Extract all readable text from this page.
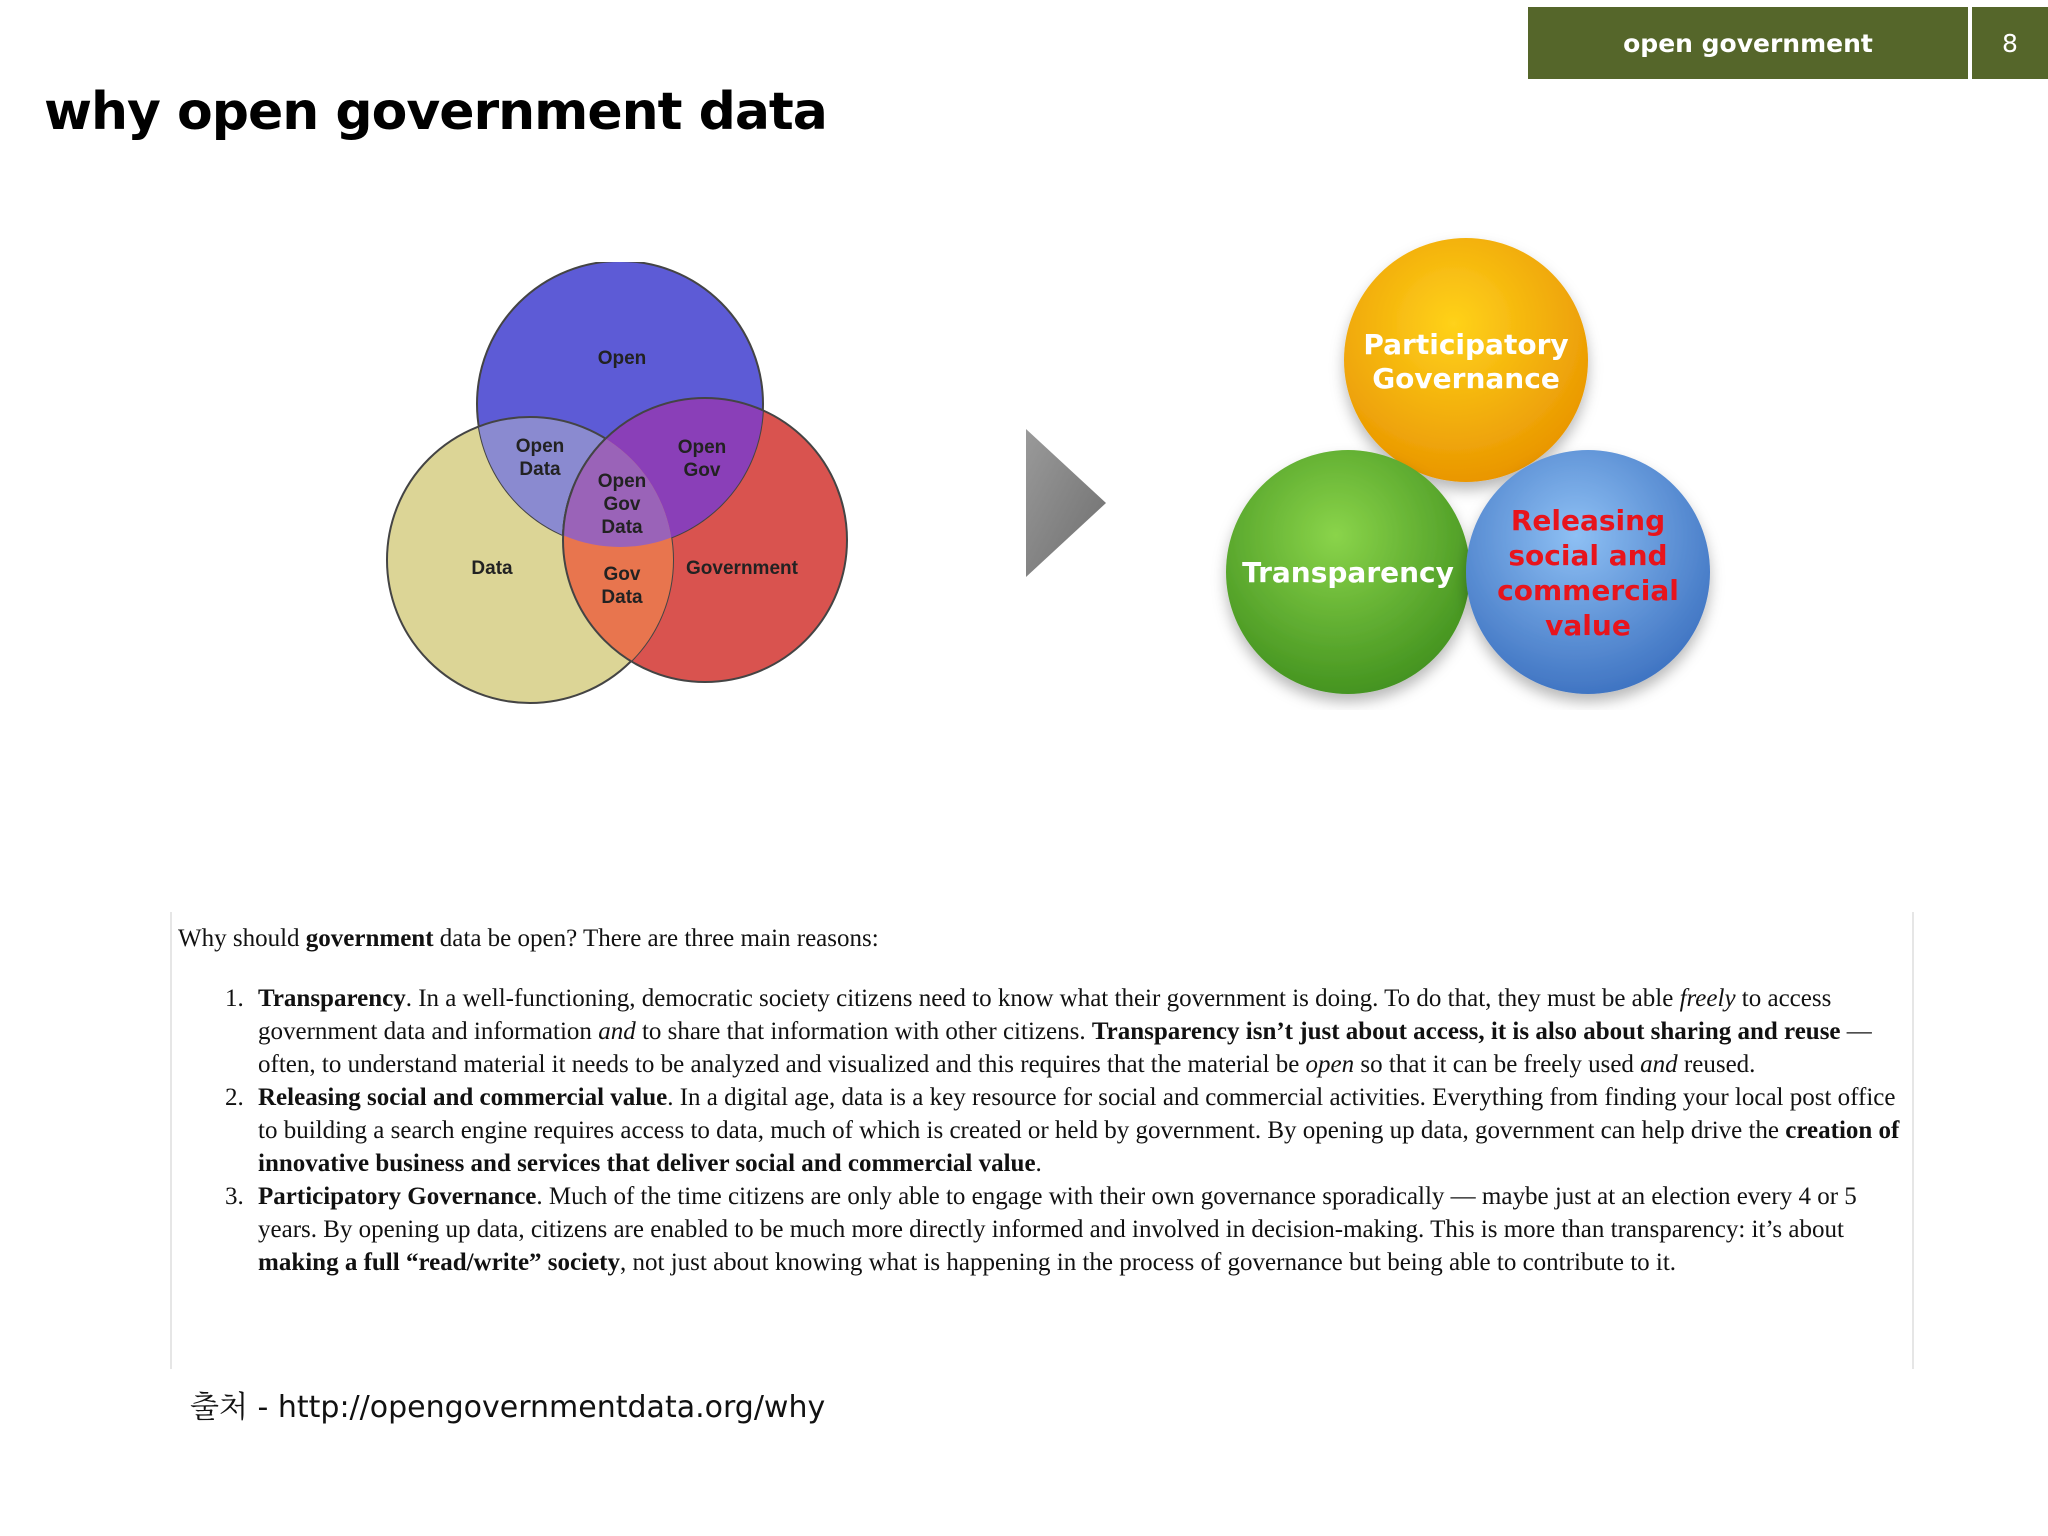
open government	8
why open government data
Open
Open
Data
Open
Gov
Open
Gov
Data
Data	Gov
Data
Government
Participatory
Governance
Transparency
Releasing
social and
commercial
value

Why should government data be open? There are three main reasons:

1. Transparency. In a well-functioning, democratic society citizens need to know what their government is doing. To do that, they must be able freely to access government data and information and to share that information with other citizens. Transparency isn’t just about access, it is also about sharing and reuse — often, to understand material it needs to be analyzed and visualized and this requires that the material be open so that it can be freely used and reused.
2. Releasing social and commercial value. In a digital age, data is a key resource for social and commercial activities. Everything from finding your local post office to building a search engine requires access to data, much of which is created or held by government. By opening up data, government can help drive the creation of innovative business and services that deliver social and commercial value.
3. Participatory Governance. Much of the time citizens are only able to engage with their own governance sporadically — maybe just at an election every 4 or 5 years. By opening up data, citizens are enabled to be much more directly informed and involved in decision-making. This is more than transparency: it’s about making a full “read/write” society, not just about knowing what is happening in the process of governance but being able to contribute to it.
출처 - http://opengovernmentdata.org/why
